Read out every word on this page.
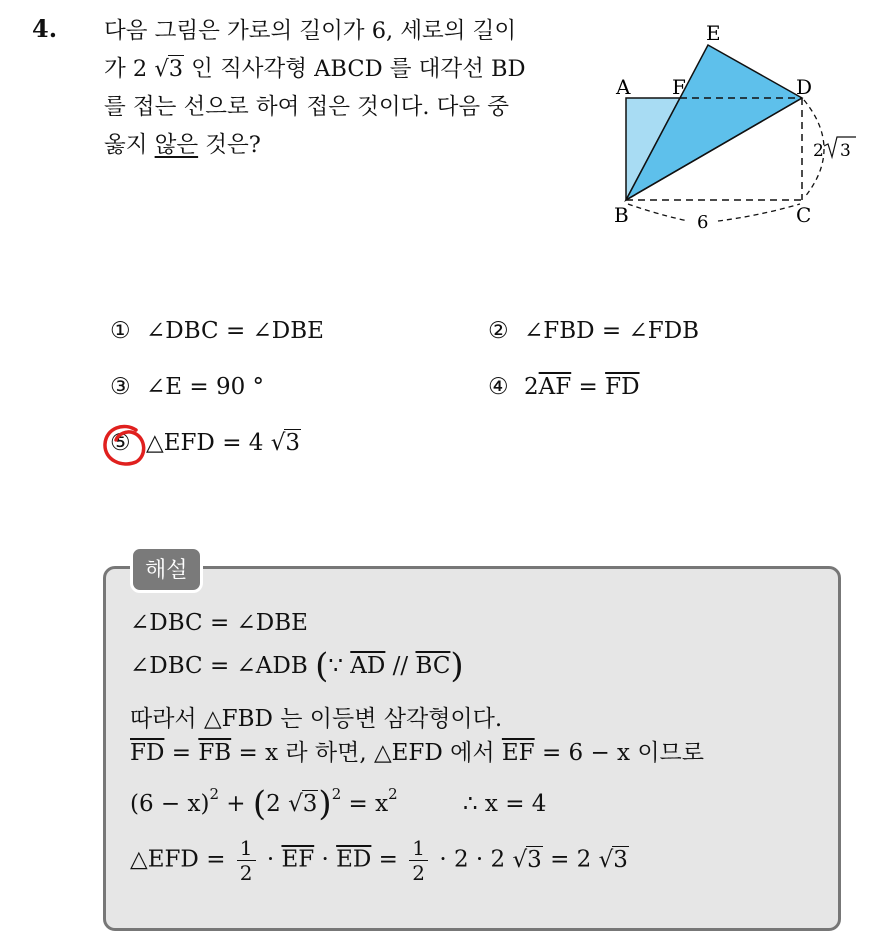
4. 다음 그림은 가로의 길이가 6, 세로의 길이
가 2 √3 인 직사각형 ABCD 를 대각선 BD
를 접는 선으로 하여 접은 것이다. 다음 중
옳지 않은 것은?
A F
E
D
B	C
6
2 3
① ∠DBC = ∠DBE	② ∠FBD = ∠FDB
③ ∠E = 90 °	④ $2\overline{AF} = \overline{FD}$
⑤ △EFD = 4 √3
해설
∠DBC = ∠DBE
∠DBC = ∠ADB (∵ $\overline{AD} // \overline{BC}$)
따라서 △FBD 는 이등변 삼각형이다.
$\overline{FD} = \overline{FB} = x$ 라 하면, △EFD 에서 $\overline{EF} = 6 - x$ 이므로
$(6 - x)^2 + (2$ $√3)^2 = x^2$	∴ x = 4
△EFD = $\frac{1}{2} \cdot \overline{EF} \cdot \overline{ED} = \frac{1}{2} \cdot 2 \cdot 2$ √3 = 2 √3
